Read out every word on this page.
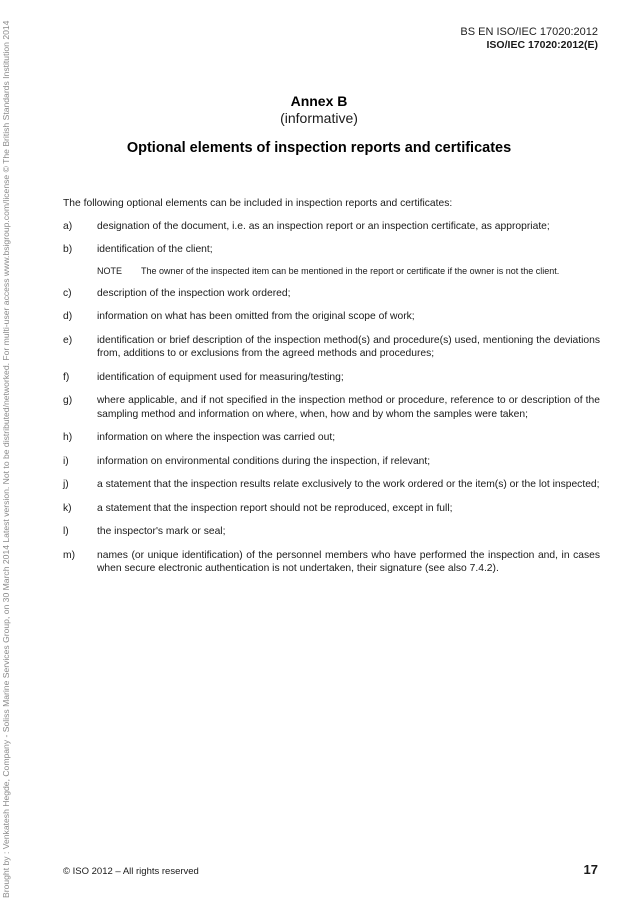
Brought by : Venkatesh Hegde, Company - Soliss Marine Services Group, on 30 March 2014 Latest version. Not to be distributed/networked. For multi-user access www.bsigroup.com/license © The British Standards Institution 2014	BS EN ISO/IEC 17020:2012
ISO/IEC 17020:2012(E)
Annex B
(informative)
Optional elements of inspection reports and certificates

The following optional elements can be included in inspection reports and certificates:

a)	designation of the document, i.e. as an inspection report or an inspection certificate, as appropriate;
b)	identification of the client;
NOTE	The owner of the inspected item can be mentioned in the report or certificate if the owner is not the client.
c)	description of the inspection work ordered;
d)	information on what has been omitted from the original scope of work;
e)	identification or brief description of the inspection method(s) and procedure(s) used, mentioning the deviations from, additions to or exclusions from the agreed methods and procedures;
f)	identification of equipment used for measuring/testing;
g)	where applicable, and if not specified in the inspection method or procedure, reference to or description of the sampling method and information on where, when, how and by whom the samples were taken;
h)	information on where the inspection was carried out;
i)	information on environmental conditions during the inspection, if relevant;
j)	a statement that the inspection results relate exclusively to the work ordered or the item(s) or the lot inspected;
k)	a statement that the inspection report should not be reproduced, except in full;
l)	the inspector's mark or seal;
m)	names (or unique identification) of the personnel members who have performed the inspection and, in cases when secure electronic authentication is not undertaken, their signature (see also 7.4.2).
© ISO 2012 – All rights reserved	17
